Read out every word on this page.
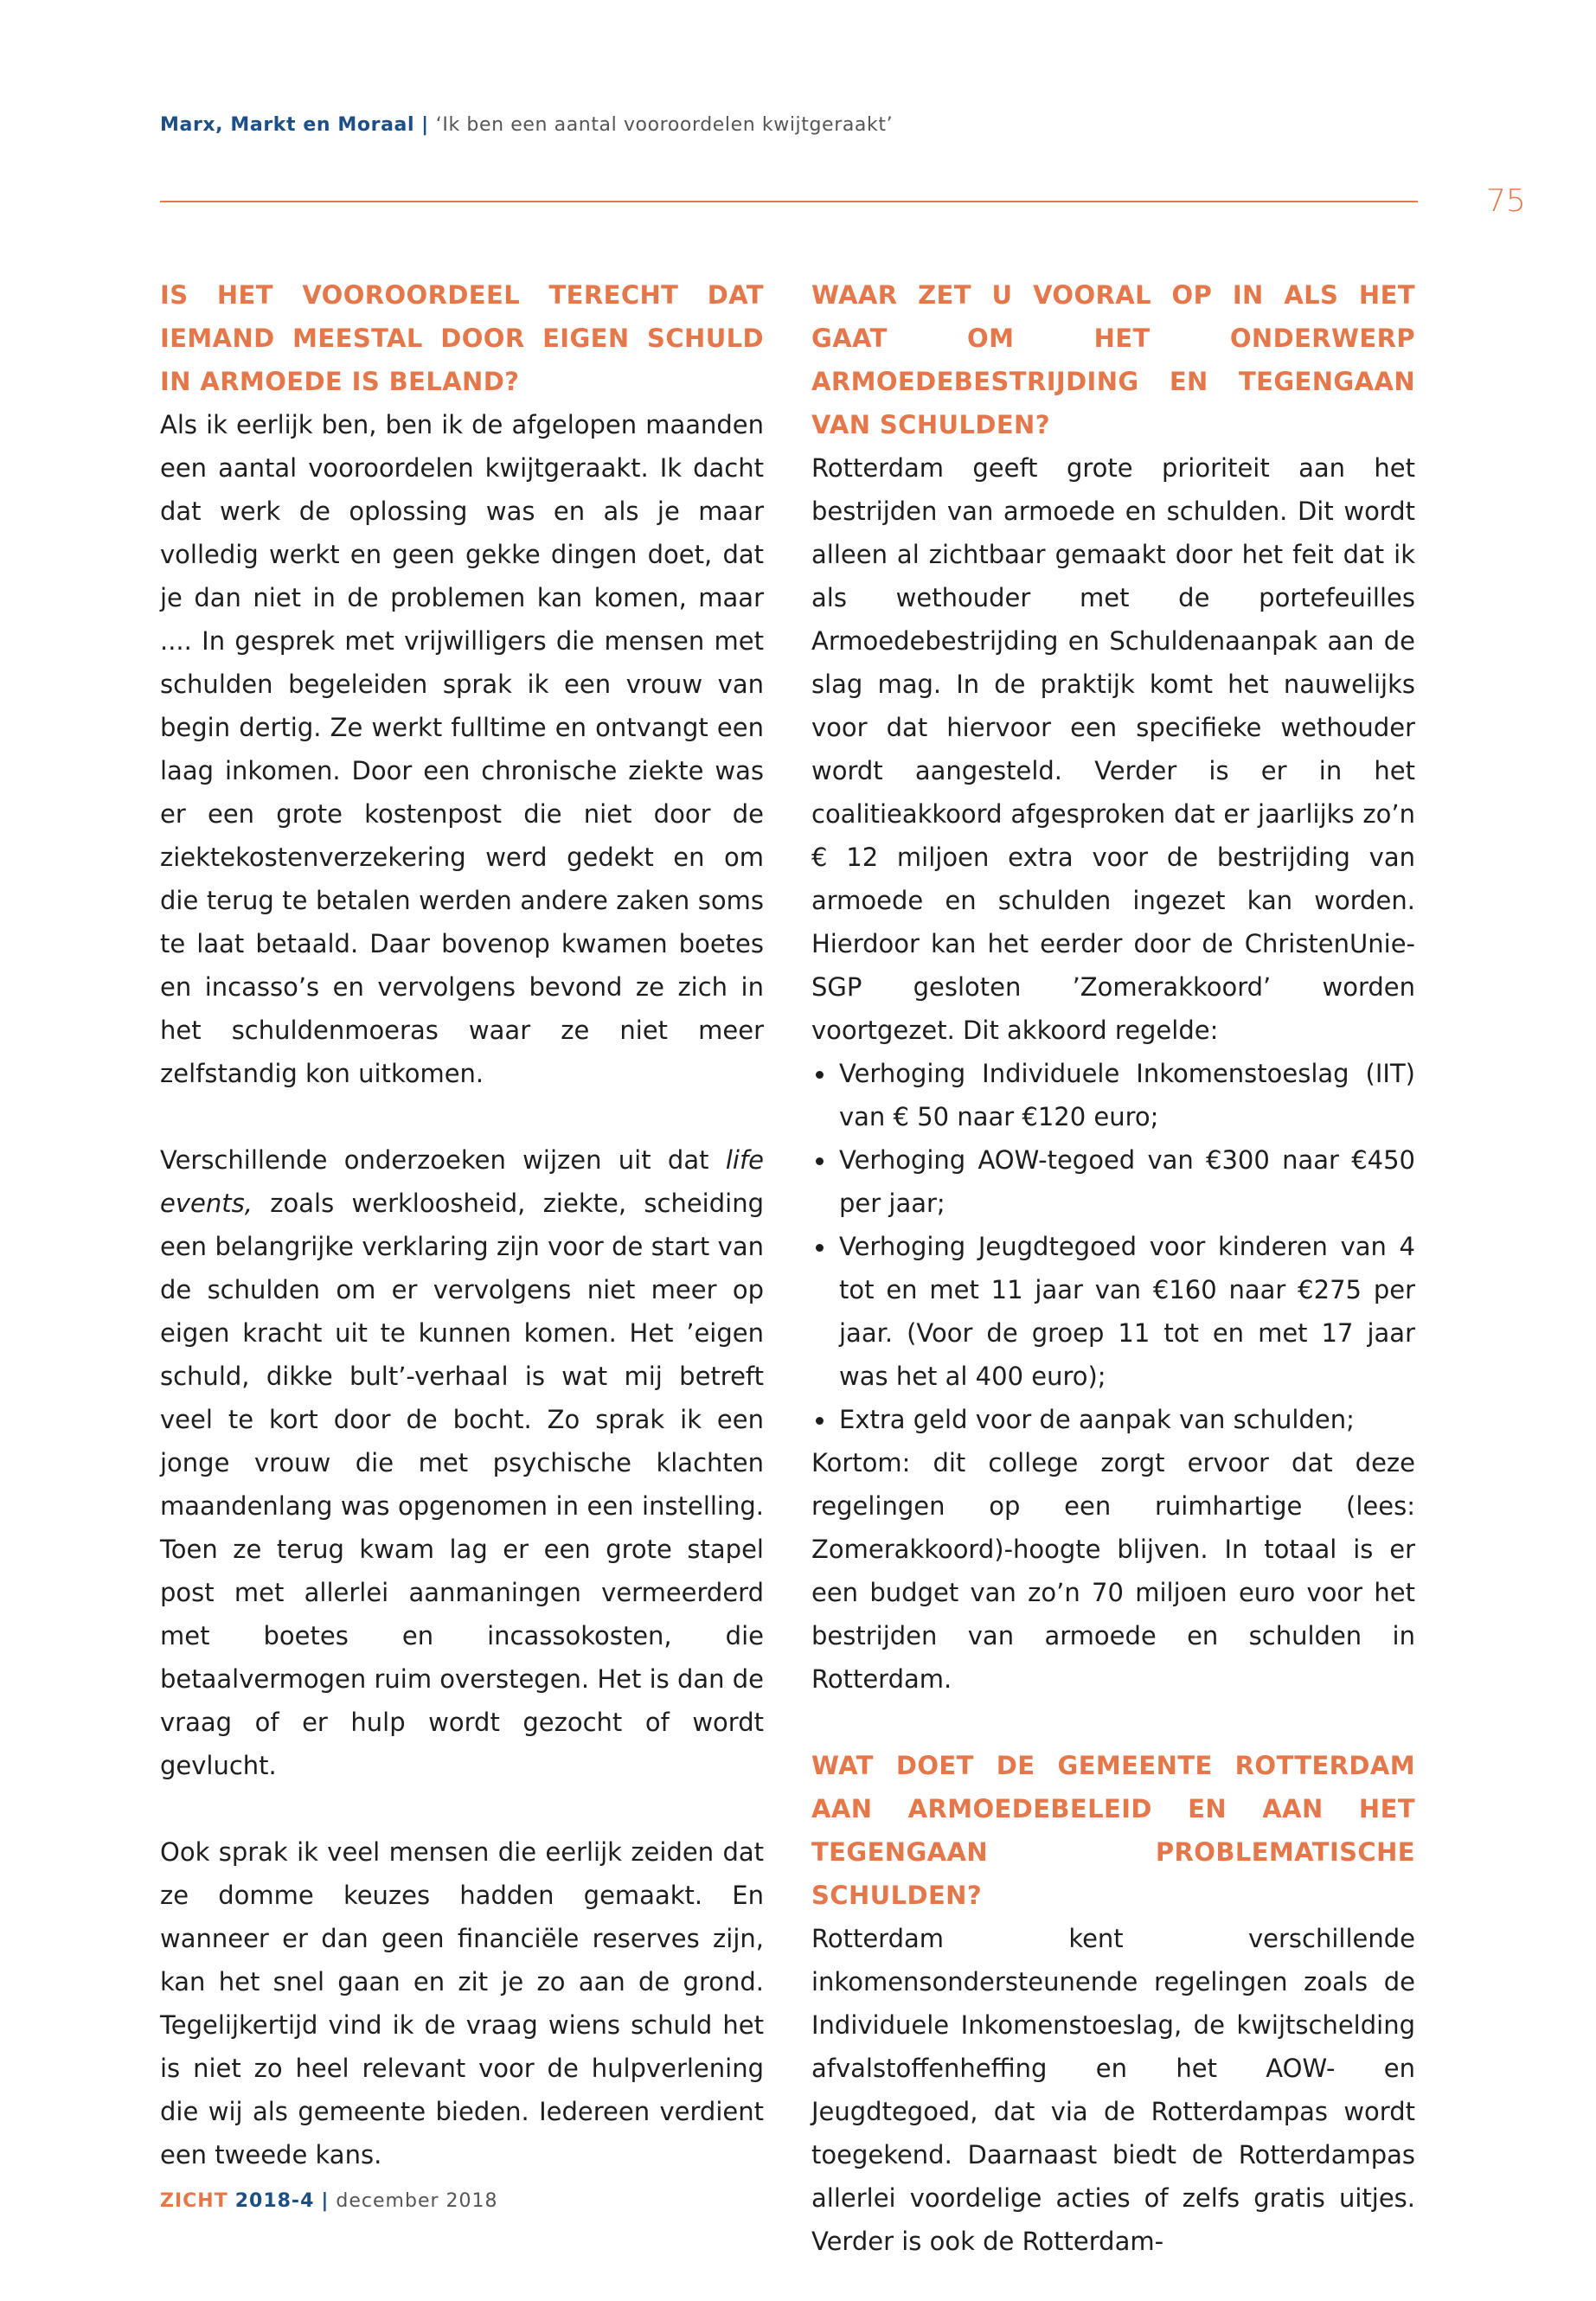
Marx, Markt en Moraal | ‘Ik ben een aantal vooroordelen kwijtgeraakt’
75
IS HET VOOROORDEEL TERECHT DAT IEMAND MEESTAL DOOR EIGEN SCHULD IN ARMOEDE IS BELAND?

Als ik eerlijk ben, ben ik de afgelopen maanden een aantal vooroordelen kwijtgeraakt. Ik dacht dat werk de oplossing was en als je maar volledig werkt en geen gekke dingen doet, dat je dan niet in de problemen kan komen, maar .... In gesprek met vrijwilligers die mensen met schulden begeleiden sprak ik een vrouw van begin dertig. Ze werkt fulltime en ontvangt een laag inkomen. Door een chronische ziekte was er een grote kostenpost die niet door de ziektekostenverzekering werd gedekt en om die terug te betalen werden andere zaken soms te laat betaald. Daar bovenop kwamen boetes en incasso’s en vervolgens bevond ze zich in het schuldenmoeras waar ze niet meer zelfstandig kon uitkomen.

Verschillende onderzoeken wijzen uit dat life events, zoals werkloosheid, ziekte, scheiding een belangrijke verklaring zijn voor de start van de schulden om er vervolgens niet meer op eigen kracht uit te kunnen komen. Het ’eigen schuld, dikke bult’-verhaal is wat mij betreft veel te kort door de bocht. Zo sprak ik een jonge vrouw die met psychische klachten maandenlang was opgenomen in een instelling. Toen ze terug kwam lag er een grote stapel post met allerlei aanmaningen vermeerderd met boetes en incassokosten, die betaalvermogen ruim overstegen. Het is dan de vraag of er hulp wordt gezocht of wordt gevlucht.

Ook sprak ik veel mensen die eerlijk zeiden dat ze domme keuzes hadden gemaakt. En wanneer er dan geen financiële reserves zijn, kan het snel gaan en zit je zo aan de grond. Tegelijkertijd vind ik de vraag wiens schuld het is niet zo heel relevant voor de hulpverlening die wij als gemeente bieden. Iedereen verdient een tweede kans.

WAAR ZET U VOORAL OP IN ALS HET GAAT OM HET ONDERWERP ARMOEDEBESTRIJDING EN TEGENGAAN VAN SCHULDEN?

Rotterdam geeft grote prioriteit aan het bestrijden van armoede en schulden. Dit wordt alleen al zichtbaar gemaakt door het feit dat ik als wethouder met de portefeuilles Armoedebestrijding en Schuldenaanpak aan de slag mag. In de praktijk komt het nauwelijks voor dat hiervoor een specifieke wethouder wordt aangesteld. Verder is er in het coalitieakkoord afgesproken dat er jaarlijks zo’n € 12 miljoen extra voor de bestrijding van armoede en schulden ingezet kan worden. Hierdoor kan het eerder door de ChristenUnie-SGP gesloten ’Zomerakkoord’ worden voortgezet. Dit akkoord regelde:

Verhoging Individuele Inkomenstoeslag (IIT) van € 50 naar €120 euro;
Verhoging AOW-tegoed van €300 naar €450 per jaar;
Verhoging Jeugdtegoed voor kinderen van 4 tot en met 11 jaar van €160 naar €275 per jaar. (Voor de groep 11 tot en met 17 jaar was het al 400 euro);
Extra geld voor de aanpak van schulden;

Kortom: dit college zorgt ervoor dat deze regelingen op een ruimhartige (lees: Zomerakkoord)-hoogte blijven. In totaal is er een budget van zo’n 70 miljoen euro voor het bestrijden van armoede en schulden in Rotterdam.

WAT DOET DE GEMEENTE ROTTERDAM AAN ARMOEDEBELEID EN AAN HET TEGENGAAN PROBLEMATISCHE SCHULDEN?

Rotterdam kent verschillende inkomensondersteunende regelingen zoals de Individuele Inkomenstoeslag, de kwijtschelding afvalstoffenheffing en het AOW- en Jeugdtegoed, dat via de Rotterdampas wordt toegekend. Daarnaast biedt de Rotterdampas allerlei voordelige acties of zelfs gratis uitjes. Verder is ook de Rotterdam-

ZICHT 2018-4 | december 2018
